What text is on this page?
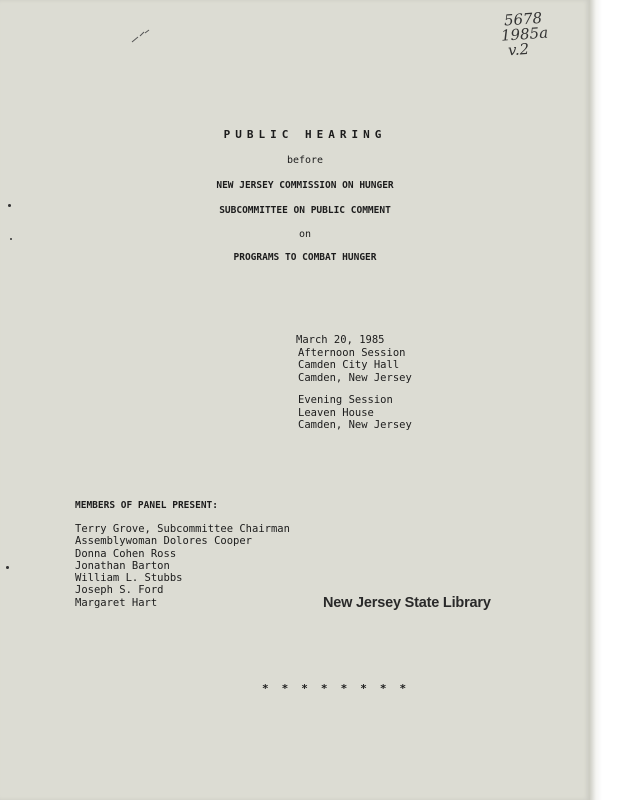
5678
1985a
v.2
PUBLIC HEARING
before
NEW JERSEY COMMISSION ON HUNGER
SUBCOMMITTEE ON PUBLIC COMMENT
on
PROGRAMS TO COMBAT HUNGER
March 20, 1985
Afternoon Session
Camden City Hall
Camden, New Jersey
Evening Session
Leaven House
Camden, New Jersey
MEMBERS OF PANEL PRESENT:
Terry Grove, Subcommittee Chairman
Assemblywoman Dolores Cooper
Donna Cohen Ross
Jonathan Barton
William L. Stubbs
Joseph S. Ford
Margaret Hart	New Jersey State Library
* * * * * * * *
